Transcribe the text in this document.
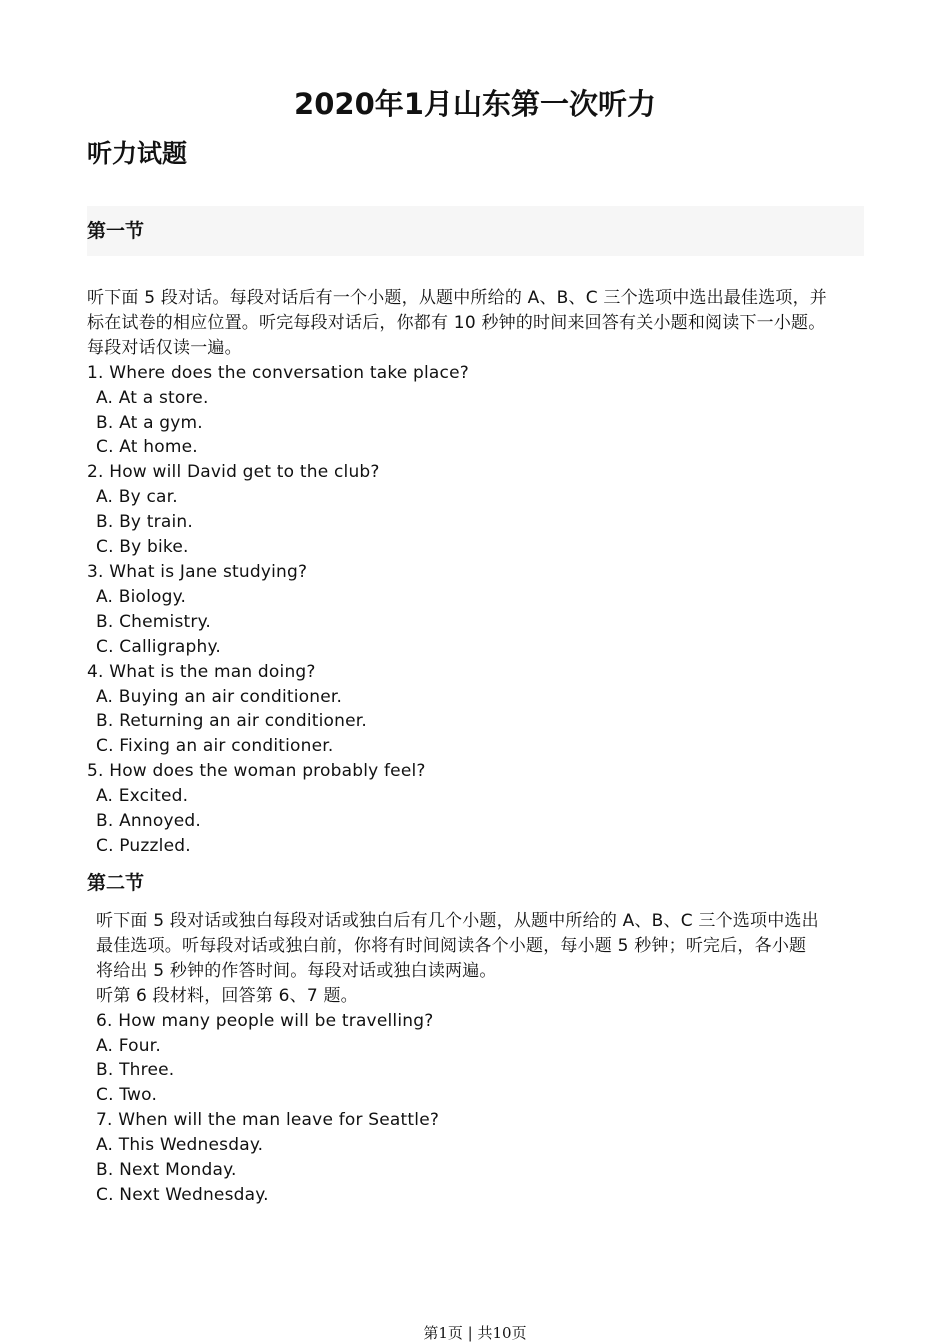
2020年1月山东第一次听力
听力试题
第一节
听下面 5 段对话。每段对话后有一个小题，从题中所给的 A、B、C 三个选项中选出最佳选项，并
标在试卷的相应位置。听完每段对话后，你都有 10 秒钟的时间来回答有关小题和阅读下一小题。
每段对话仅读一遍。
1. Where does the conversation take place?
A. At a store.
B. At a gym.
C. At home.
2. How will David get to the club?
A. By car.
B. By train.
C. By bike.
3. What is Jane studying?
A. Biology.
B. Chemistry.
C. Calligraphy.
4. What is the man doing?
A. Buying an air conditioner.
B. Returning an air conditioner.
C. Fixing an air conditioner.
5. How does the woman probably feel?
A. Excited.
B. Annoyed.
C. Puzzled.
第二节
听下面 5 段对话或独白每段对话或独白后有几个小题，从题中所给的 A、B、C 三个选项中选出
最佳选项。听每段对话或独白前，你将有时间阅读各个小题，每小题 5 秒钟；听完后，各小题
将给出 5 秒钟的作答时间。每段对话或独白读两遍。
听第 6 段材料，回答第 6、7 题。
6. How many people will be travelling?
A. Four.
B. Three.
C. Two.
7. When will the man leave for Seattle?
A. This Wednesday.
B. Next Monday.
C. Next Wednesday.
第1页 | 共10页
